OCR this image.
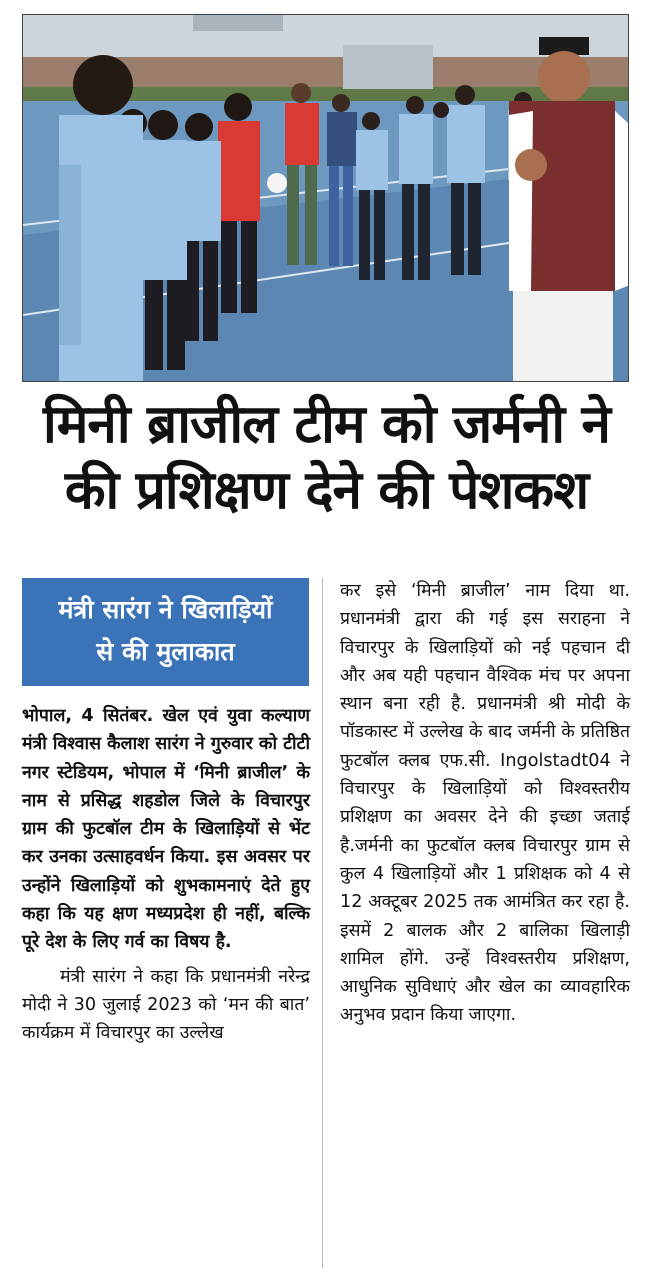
मिनी ब्राजील टीम को जर्मनी ने
की प्रशिक्षण देने की पेशकश
मंत्री सारंग ने खिलाड़ियों
से की मुलाकात

भोपाल, 4 सितंबर. खेल एवं युवा कल्याण मंत्री विश्वास कैलाश सारंग ने गुरुवार को टीटी नगर स्टेडियम, भोपाल में ‘मिनी ब्राजील’ के नाम से प्रसिद्ध शहडोल जिले के विचारपुर ग्राम की फुटबॉल टीम के खिलाड़ियों से भेंट कर उनका उत्साहवर्धन किया. इस अवसर पर उन्होंने खिलाड़ियों को शुभकामनाएं देते हुए कहा कि यह क्षण मध्यप्रदेश ही नहीं, बल्कि पूरे देश के लिए गर्व का विषय है.

मंत्री सारंग ने कहा कि प्रधानमंत्री नरेन्द्र मोदी ने 30 जुलाई 2023 को ‘मन की बात’ कार्यक्रम में विचारपुर का उल्लेख

कर इसे ‘मिनी ब्राजील’ नाम दिया था. प्रधानमंत्री द्वारा की गई इस सराहना ने विचारपुर के खिलाड़ियों को नई पहचान दी और अब यही पहचान वैश्विक मंच पर अपना स्थान बना रही है. प्रधानमंत्री श्री मोदी के पॉडकास्ट में उल्लेख के बाद जर्मनी के प्रतिष्ठित फुटबॉल क्लब एफ.सी. Ingolstadt04 ने विचारपुर के खिलाड़ियों को विश्वस्तरीय प्रशिक्षण का अवसर देने की इच्छा जताई है.जर्मनी का फुटबॉल क्लब विचारपुर ग्राम से कुल 4 खिलाड़ियों और 1 प्रशिक्षक को 4 से 12 अक्टूबर 2025 तक आमंत्रित कर रहा है. इसमें 2 बालक और 2 बालिका खिलाड़ी शामिल होंगे. उन्हें विश्वस्तरीय प्रशिक्षण, आधुनिक सुविधाएं और खेल का व्यावहारिक अनुभव प्रदान किया जाएगा.
